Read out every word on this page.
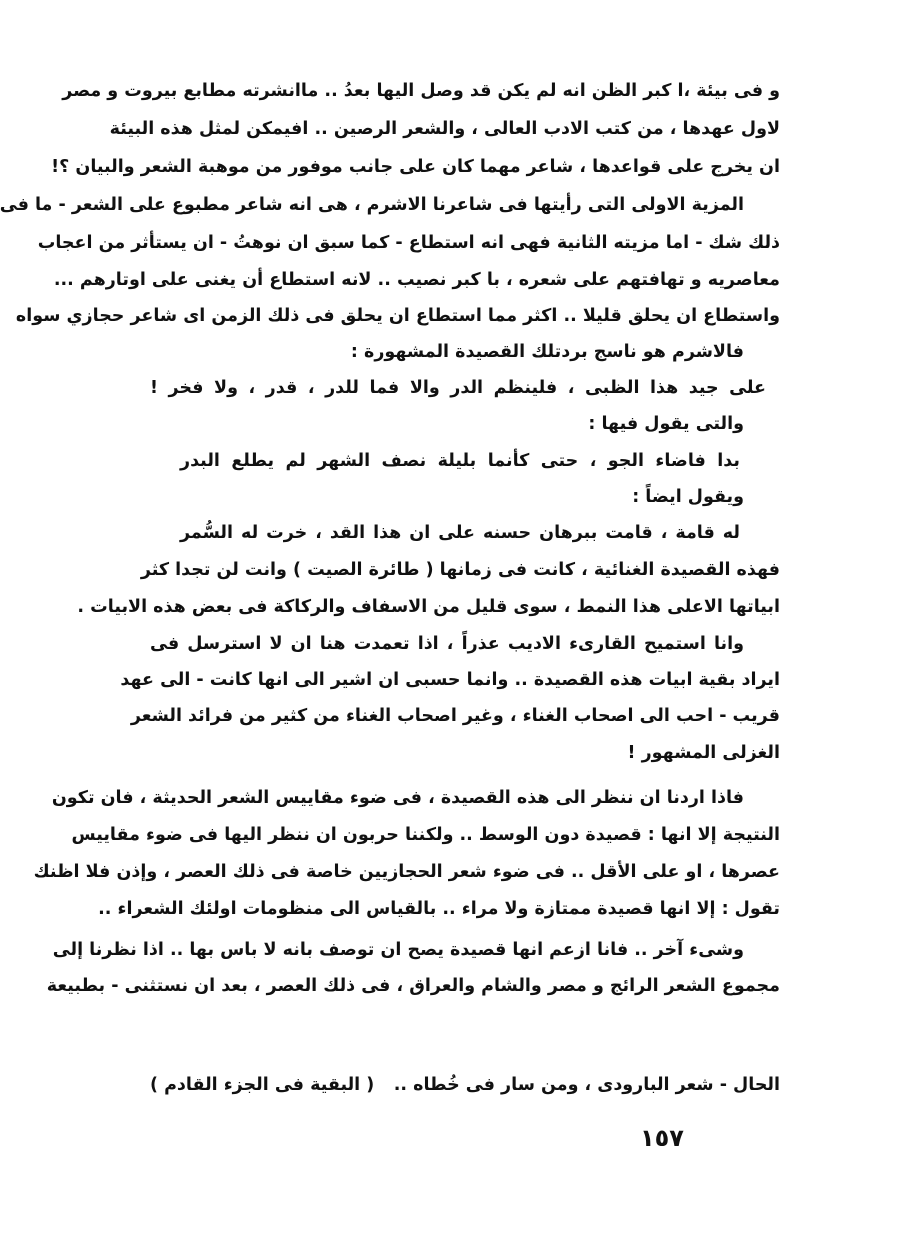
و فى بيئة ،ا كبر الظن انه لم يكن قد وصل اليها بعدُ .. ماانشرته مطابع بيروت و مصر
لاول عهدها ، من كتب الادب العالى ، والشعر الرصين .. افيمكن لمثل هذه البيئة
ان يخرج على قواعدها ، شاعر مهما كان على جانب موفور من موهبة الشعر والبيان ؟!
المزية الاولى التى رأيتها فى شاعرنا الاشرم ، هى انه شاعر مطبوع على الشعر - ما فى
ذلك شك - اما مزيته الثانية فهى انه استطاع - كما سبق ان نوهتُ - ان يستأثر من اعجاب
معاصريه و تهافتهم على شعره ، با كبر نصيب .. لانه استطاع أن يغنى على اوتارهم ...
واستطاع ان يحلق قليلا .. اكثر مما استطاع ان يحلق فى ذلك الزمن اى شاعر حجازي سواه
فالاشرم هو ناسج بردتلك القصيدة المشهورة :
على جيد هذا الظبى ، فلينظم الدر والا فما للدر ، قدر ، ولا فخر !
والتى يقول فيها :
بدا فاضاء الجو ، حتى كأنما بليلة نصف الشهر لم يطلع البدر
ويقول ايضاً :
له قامة ، قامت ببرهان حسنه على ان هذا القد ، خرت له السُّمر
فهذه القصيدة الغنائية ، كانت فى زمانها ( طائرة الصيت ) وانت لن تجدا كثر
ابياتها الاعلى هذا النمط ، سوى قليل من الاسفاف والركاكة فى بعض هذه الابيات .
وانا استميح القارىء الاديب عذراً ، اذا تعمدت هنا ان لا استرسل فى
ايراد بقية ابيات هذه القصيدة .. وانما حسبى ان اشير الى انها كانت - الى عهد
قريب - احب الى اصحاب الغناء ، وغير اصحاب الغناء من كثير من فرائد الشعر
الغزلى المشهور !
فاذا اردنا ان ننظر الى هذه القصيدة ، فى ضوء مقاييس الشعر الحديثة ، فان تكون
النتيجة إلا انها : قصيدة دون الوسط .. ولكننا حربون ان ننظر اليها فى ضوء مقاييس
عصرها ، او على الأقل .. فى ضوء شعر الحجازيين خاصة فى ذلك العصر ، وإذن فلا اظنك
تقول : إلا انها قصيدة ممتازة ولا مراء .. بالقياس الى منظومات اولئك الشعراء ..
وشىء آخر .. فانا ازعم انها قصيدة يصح ان توصف بانه لا باس بها .. اذا نظرنا إلى
مجموع الشعر الرائج و مصر والشام والعراق ، فى ذلك العصر ، بعد ان نستثنى - بطبيعة
الحال - شعر البارودى ، ومن سار فى خُطاه ..
( البقية فى الجزء القادم )
١٥٧
